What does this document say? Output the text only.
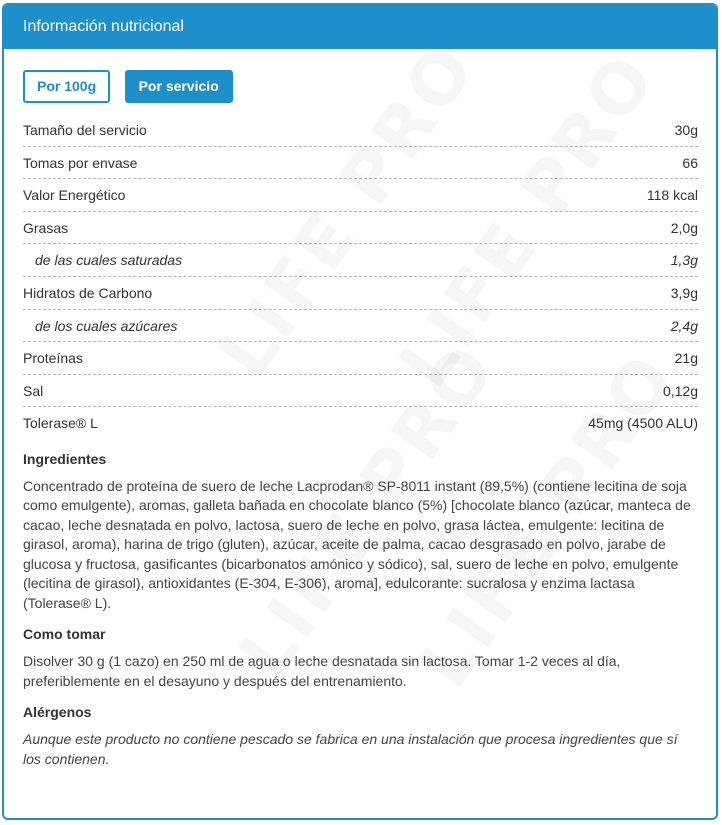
Información nutricional
Por 100g	Por servicio
Tamaño del servicio	30g
Tomas por envase	66
Valor Energético	118 kcal
Grasas	2,0g
de las cuales saturadas	1,3g
Hidratos de Carbono	3,9g
de los cuales azúcares	2,4g
Proteínas	21g
Sal	0,12g
Tolerase® L	45mg (4500 ALU)
Ingredientes
Concentrado de proteína de suero de leche Lacprodan® SP-8011 instant (89,5%) (contiene lecitina de soja como emulgente), aromas, galleta bañada en chocolate blanco (5%) [chocolate blanco (azúcar, manteca de cacao, leche desnatada en polvo, lactosa, suero de leche en polvo, grasa láctea, emulgente: lecitina de girasol, aroma), harina de trigo (gluten), azúcar, aceite de palma, cacao desgrasado en polvo, jarabe de glucosa y fructosa, gasificantes (bicarbonatos amónico y sódico), sal, suero de leche en polvo, emulgente (lecitina de girasol), antioxidantes (E-304, E-306), aroma], edulcorante: sucralosa y enzima lactasa (Tolerase® L).
Como tomar
Disolver 30 g (1 cazo) en 250 ml de agua o leche desnatada sin lactosa. Tomar 1-2 veces al día, preferiblemente en el desayuno y después del entrenamiento.
Alérgenos
Aunque este producto no contiene pescado se fabrica en una instalación que procesa ingredientes que sí los contienen.
